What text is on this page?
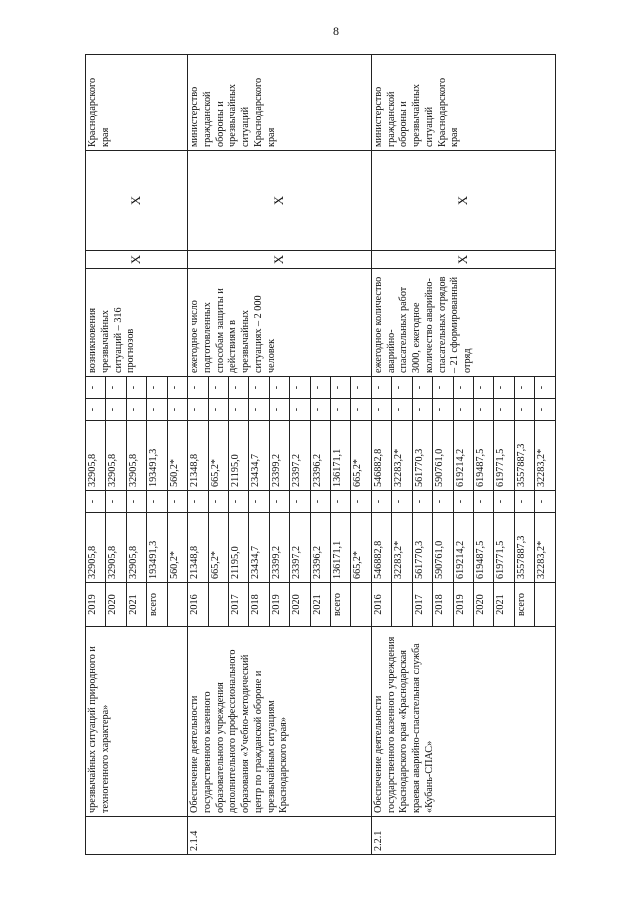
8
	чрезвычайных ситуаций природного и техногенного характера»	2019	32905,8	-	32905,8	-	-	возникновения чрезвычайных ситуаций – 316 прогнозов	X	X	Краснодарского края
		2020	32905,8	-	32905,8	-	-				
		2021	32905,8	-	32905,8	-	-				
		всего	193491,3	-	193491,3	-	-				
			560,2*	-	560,2*	-	-				
2.1.4	Обеспечение деятельности государственного казенного образовательного учреждения дополнительного профессионального образования «Учебно-методический центр по гражданской обороне и чрезвычайным ситуациям Краснодарского края»	2016	21348,8	-	21348,8	-	-	ежегодное число подготовленных способам защиты и действиям в чрезвычайных ситуациях – 2 000 человек	X	X	министерство гражданской обороны и чрезвычайных ситуаций Краснодарского края
			665,2*	-	665,2*	-	-				
		2017	21195,0	-	21195,0	-	-				
		2018	23434,7	-	23434,7	-	-				
		2019	23399,2	-	23399,2	-	-				
		2020	23397,2	-	23397,2	-	-				
		2021	23396,2	-	23396,2	-	-				
		всего	136171,1	-	136171,1	-	-				
			665,2*	-	665,2*	-	-				
2.2.1	Обеспечение деятельности государственного казенного учреждения Краснодарского края «Краснодарская краевая аварийно-спасательная служба «Кубань-СПАС»	2016	546882,8	-	546882,8	-	-	ежегодное количество аварийно-спасательных работ 3000, ежегодное количество аварийно-спасательных отрядов – 21 сформированный отряд	X	X	министерство гражданской обороны и чрезвычайных ситуаций Краснодарского края
			32283,2*	-	32283,2*	-	-				
		2017	561770,3	-	561770,3	-	-				
		2018	590761,0	-	590761,0	-	-				
		2019	619214,2	-	619214,2	-	-				
		2020	619487,5	-	619487,5	-	-				
		2021	619771,5	-	619771,5	-	-				
		всего	3557887,3	-	3557887,3	-	-				
			32283,2*	-	32283,2*	-	-				
